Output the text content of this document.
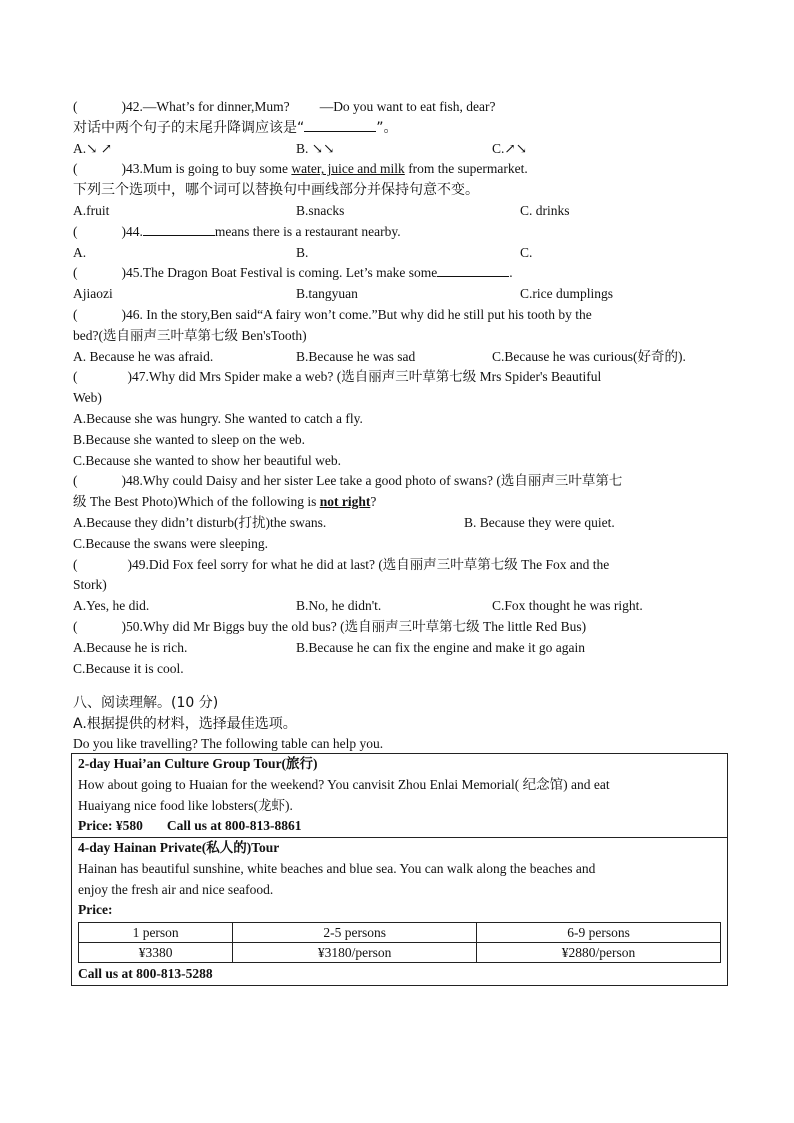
(	)42.—What’s for dinner,Mum? —Do you want to eat fish, dear?
对话中两个句子的末尾升降调应该是“	”。
A.↘ ↗	B. ↘↘	C.↗↘
(	)43.Mum is going to buy some water, juice and milk from the supermarket.
下列三个选项中，哪个词可以替换句中画线部分并保持句意不变。
A.fruit	B.snacks	C. drinks
(	)44.	means there is a restaurant nearby.
A.	B.	C.
(	)45.The Dragon Boat Festival is coming. Let’s make some	.
Ajiaozi	B.tangyuan	C.rice dumplings
(	)46. In the story,Ben said“A fairy won’t come.”But why did he still put his tooth by the
bed?(选自丽声三叶草第七级 Ben'sTooth)
A. Because he was afraid.	B.Because he was sad	C.Because he was curious(好奇的).
(	)47.Why did Mrs Spider make a web? (选自丽声三叶草第七级 Mrs Spider's Beautiful
Web)
A.Because she was hungry. She wanted to catch a fly.
B.Because she wanted to sleep on the web.
C.Because she wanted to show her beautiful web.
(	)48.Why could Daisy and her sister Lee take a good photo of swans? (选自丽声三叶草第七
级 The Best Photo)Which of the following is not right?
A.Because they didn’t disturb(打扰)the swans.	B. Because they were quiet.
C.Because the swans were sleeping.
(	)49.Did Fox feel sorry for what he did at last? (选自丽声三叶草第七级 The Fox and the
Stork)
A.Yes, he did.	B.No, he didn't.	C.Fox thought he was right.
(	)50.Why did Mr Biggs buy the old bus? (选自丽声三叶草第七级 The little Red Bus)
A.Because he is rich.	B.Because he can fix the engine and make it go again
C.Because it is cool.
八、阅读理解。(10 分)
A.根据提供的材料，选择最佳选项。
Do you like travelling? The following table can help you.
2-day Huai’an Culture Group Tour(旅行)
How about going to Huaian for the weekend? You canvisit Zhou Enlai Memorial( 纪念馆) and eat
Huaiyang nice food like lobsters(龙虾).
Price: ¥580 Call us at 800-813-8861
4-day Hainan Private(私人的)Tour
Hainan has beautiful sunshine, white beaches and blue sea. You can walk along the beaches and
enjoy the fresh air and nice seafood.
Price:
1 person	2-5 persons	6-9 persons
¥3380	¥3180/person	¥2880/person
Call us at 800-813-5288
